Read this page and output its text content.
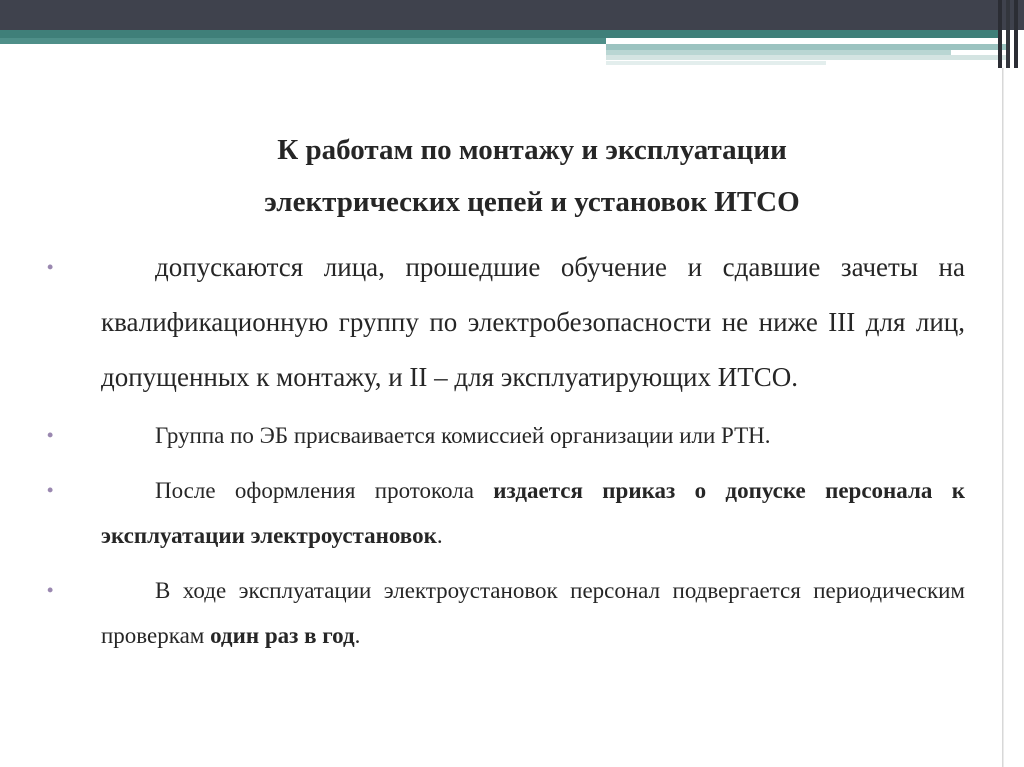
К работам по монтажу и эксплуатации
электрических цепей и установок ИТСО
•	допускаются лица, прошедшие обучение и сдавшие зачеты на квалификационную группу по электробезопасности не ниже III для лиц, допущенных к монтажу, и II – для эксплуатирующих ИТСО.
•	Группа по ЭБ присваивается комиссией организации или РТН.
•	После оформления протокола издается приказ о допуске персонала к эксплуатации электроустановок.
•	В ходе эксплуатации электроустановок персонал подвергается периодическим проверкам один раз в год.
